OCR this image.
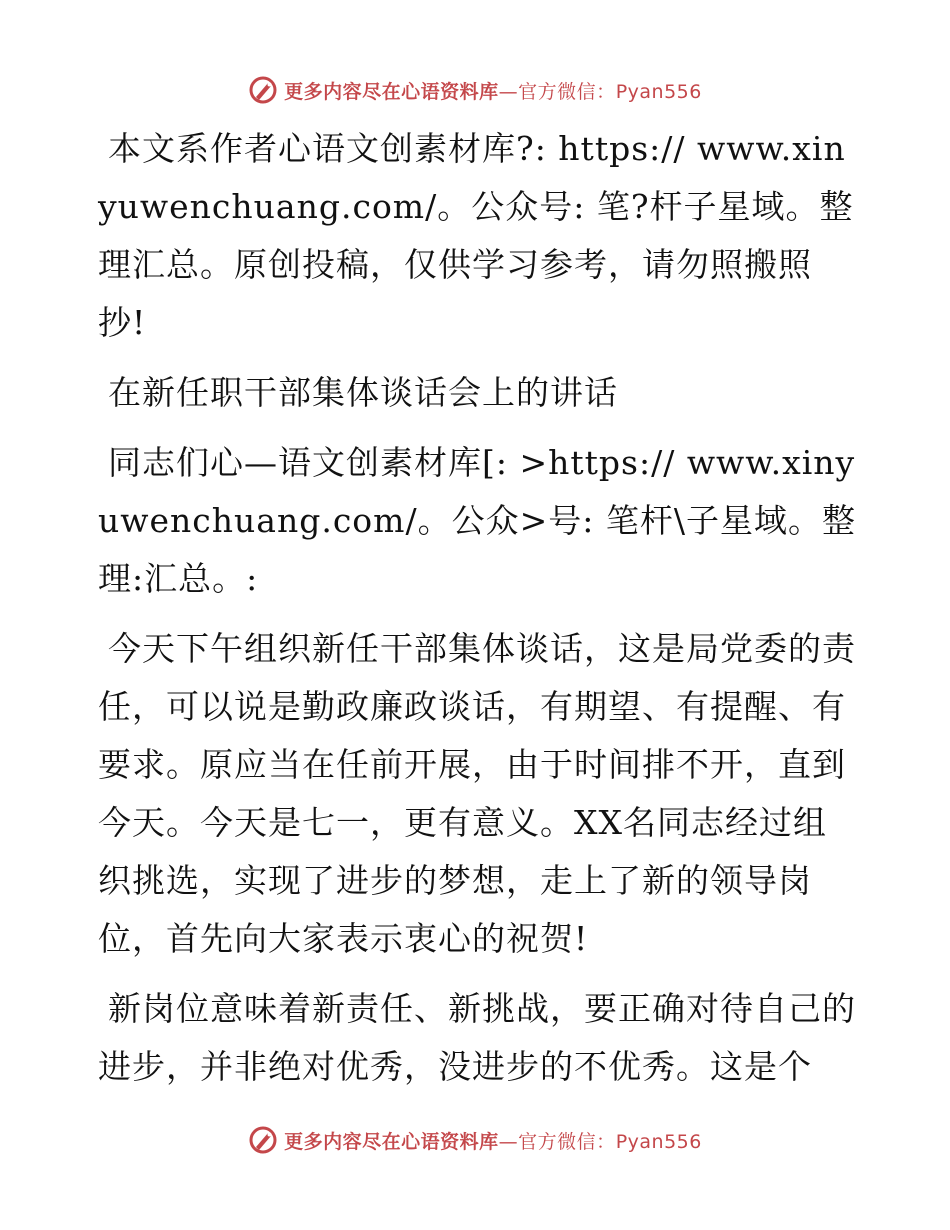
更多内容尽在心语资料库—官方微信：Pyan556

本文系作者心语文创素材库?: https:// www.xinyuwenchuang.com/。公众号: 笔?杆子星域。整理汇总。原创投稿，仅供学习参考，请勿照搬照抄!

在新任职干部集体谈话会上的讲话

同志们心—语文创素材库[: >https:// www.xinyuwenchuang.com/。公众>号: 笔杆\子星域。整理:汇总。:

今天下午组织新任干部集体谈话，这是局党委的责任，可以说是勤政廉政谈话，有期望、有提醒、有要求。原应当在任前开展，由于时间排不开，直到今天。今天是七一，更有意义。XX名同志经过组织挑选，实现了进步的梦想，走上了新的领导岗位，首先向大家表示衷心的祝贺!

新岗位意味着新责任、新挑战，要正确对待自己的进步，并非绝对优秀，没进步的不优秀。这是个

更多内容尽在心语资料库—官方微信：Pyan556
